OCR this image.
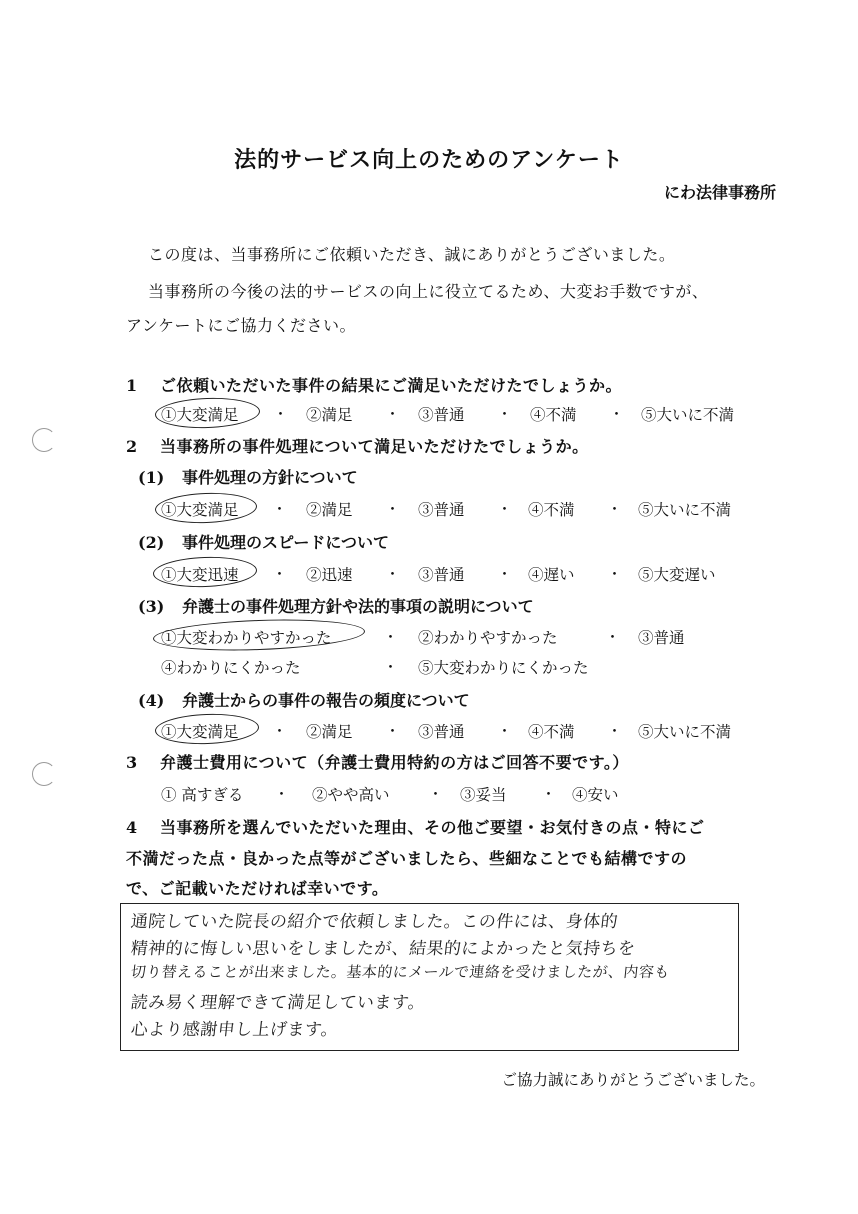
法的サービス向上のためのアンケート
にわ法律事務所
この度は、当事務所にご依頼いただき、誠にありがとうございました。
当事務所の今後の法的サービスの向上に役立てるため、大変お手数ですが、
アンケートにご協力ください。
1 ご依頼いただいた事件の結果にご満足いただけたでしょうか。
①大変満足 ・ ②満足 ・ ③普通 ・ ④不満 ・ ⑤大いに不満
2 当事務所の事件処理について満足いただけたでしょうか。
(1) 事件処理の方針について
①大変満足 ・ ②満足 ・ ③普通 ・ ④不満 ・ ⑤大いに不満
(2) 事件処理のスピードについて
①大変迅速 ・ ②迅速 ・ ③普通 ・ ④遅い ・ ⑤大変遅い
(3) 弁護士の事件処理方針や法的事項の説明について
①大変わかりやすかった	・ ②わかりやすかった	・ ③普通
④わかりにくかった	・ ⑤大変わかりにくかった
(4) 弁護士からの事件の報告の頻度について
①大変満足 ・ ②満足 ・ ③普通 ・ ④不満 ・ ⑤大いに不満
3 弁護士費用について（弁護士費用特約の方はご回答不要です。）
① 高すぎる ・ ②やや高い	・ ③妥当 ・ ④安い
4 当事務所を選んでいただいた理由、その他ご要望・お気付きの点・特にご
不満だった点・良かった点等がございましたら、些細なことでも結構ですの
で、ご記載いただければ幸いです。
通院していた院長の紹介で依頼しました。この件には、身体的
精神的に悔しい思いをしましたが、結果的によかったと気持ちを
切り替えることが出来ました。基本的にメールで連絡を受けましたが、内容も
読み易く理解できて満足しています。
心より感謝申し上げます。
ご協力誠にありがとうございました。
